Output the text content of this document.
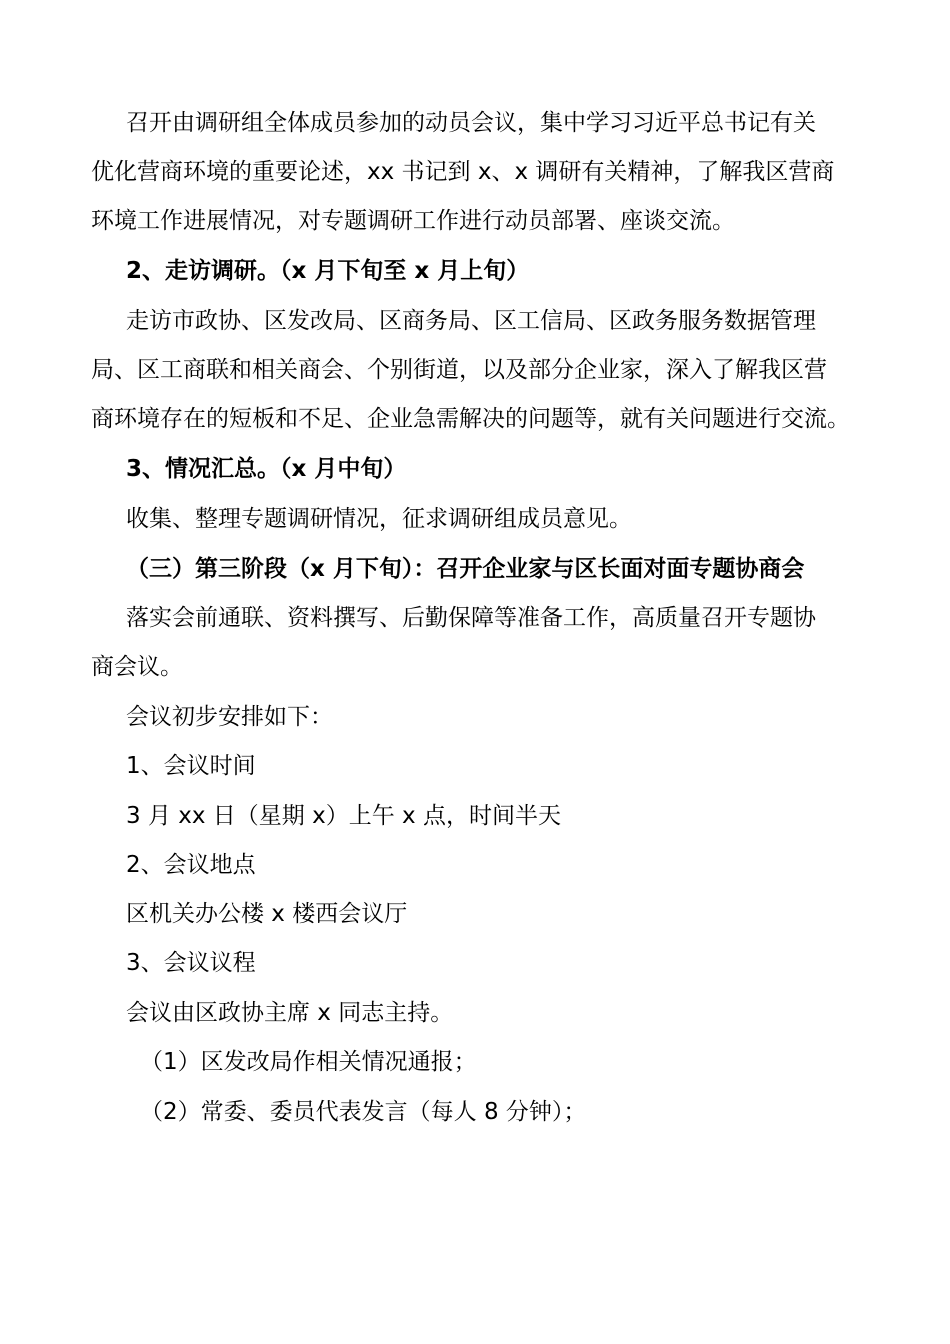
召开由调研组全体成员参加的动员会议，集中学习习近平总书记有关
优化营商环境的重要论述，xx 书记到 x、x 调研有关精神，了解我区营商
环境工作进展情况，对专题调研工作进行动员部署、座谈交流。
2、走访调研。（x 月下旬至 x 月上旬）
走访市政协、区发改局、区商务局、区工信局、区政务服务数据管理
局、区工商联和相关商会、个别街道，以及部分企业家，深入了解我区营
商环境存在的短板和不足、企业急需解决的问题等，就有关问题进行交流。
3、情况汇总。（x 月中旬）
收集、整理专题调研情况，征求调研组成员意见。
（三）第三阶段（x 月下旬）：召开企业家与区长面对面专题协商会
落实会前通联、资料撰写、后勤保障等准备工作，高质量召开专题协
商会议。
会议初步安排如下：
1、会议时间
3 月 xx 日（星期 x）上午 x 点，时间半天
2、会议地点
区机关办公楼 x 楼西会议厅
3、会议议程
会议由区政协主席 x 同志主持。
（1）区发改局作相关情况通报；
（2）常委、委员代表发言（每人 8 分钟）；
